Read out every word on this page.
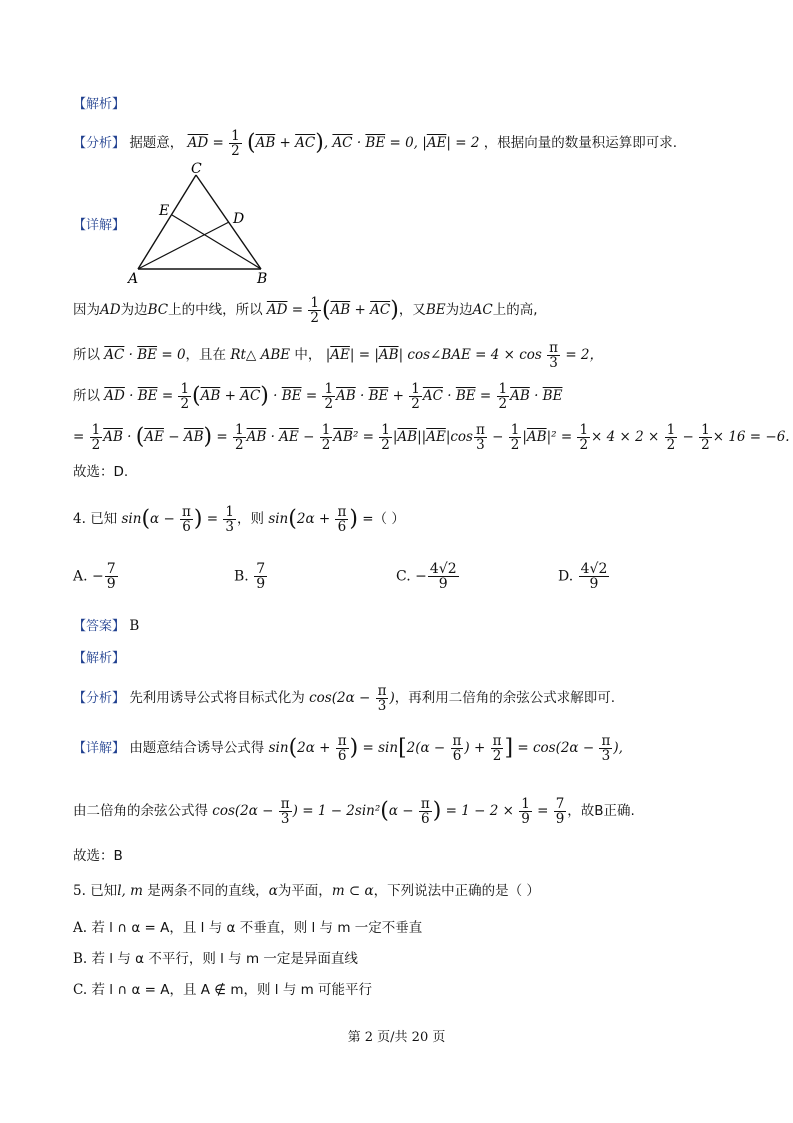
【解析】
【分析】 据题意， $\overline{AD} = \frac{1}{2} (\overline{AB} + \overline{AC})$, $\overline{AC} \cdot \overline{BE} = 0$, $|\overline{AE}| = 2$ ，根据向量的数量积运算即可求.
【详解】
C
E	D
A	B
因为AD为边BC上的中线，所以 $\overline{AD} = \frac{1}{2} (\overline{AB} + \overline{AC})$，又BE为边AC上的高,
所以 $\overline{AC} \cdot \overline{BE} = 0$，且在 Rt△ ABE 中， $|\overline{AE}| = |\overline{AB}|$ cos∠BAE = $4 \times \cos \frac{\pi}{3} = 2$，
所以 $\overline{AD} \cdot \overline{BE} = \frac{1}{2} (\overline{AB} + \overline{AC}) \cdot \overline{BE} = \frac{1}{2} \overline{AB} \cdot \overline{BE} + \frac{1}{2} \overline{AC} \cdot \overline{BE} = \frac{1}{2} \overline{AB} \cdot \overline{BE}$
= $\frac{1}{2} \overline{AB} \cdot (\overline{AE} - \overline{AB}) = \frac{1}{2} \overline{AB} \cdot \overline{AE} - \frac{1}{2} \overline{AB}^2 = \frac{1}{2} |\overline{AB}||\overline{AE}|\cos \frac{\pi}{3} - \frac{1}{2} |\overline{AB}|^2 = \frac{1}{2} \times 4 \times 2 \times \frac{1}{2} - \frac{1}{2} \times 16 = -6$.
故选：D.
4. 已知 $\sin(\alpha - \frac{\pi}{6}$ ) = $\frac{1}{3}$ ，则 $\sin(2\alpha + \frac{\pi}{6}$ ) =（ ）
A. − $\frac{7}{9}$	B. $\frac{7}{9}$	C. − $\frac{4√2}{9}$	D. $\frac{4√2}{9}$
【答案】 B
【解析】
【分析】 先利用诱导公式将目标式化为 $\cos(2\alpha - \frac{\pi}{3}$ )，再利用二倍角的余弦公式求解即可.
【详解】 由题意结合诱导公式得 $\sin(2\alpha + \frac{\pi}{6}$ ) = $\sin[2(\alpha - \frac{\pi}{6}$ ) + $\frac{\pi}{2}$ ] = $\cos(2\alpha - \frac{\pi}{3}$ ),
由二倍角的余弦公式得 $\cos(2\alpha - \frac{\pi}{3}$ ) = $1 - 2\sin^2(\alpha - \frac{\pi}{6}$ ) = $1 - 2 \times \frac{1}{9} = \frac{7}{9}$ ，故B正确.
故选：B
5. 已知l, m 是两条不同的直线，α为平面，m ⊂ α，下列说法中正确的是（ ）
A. 若 l ∩ α = A，且 l 与 α 不垂直，则 l 与 m 一定不垂直
B. 若 l 与 α 不平行，则 l 与 m 一定是异面直线
C. 若 l ∩ α = A，且 A ∉ m，则 l 与 m 可能平行
第 2 页/共 20 页
